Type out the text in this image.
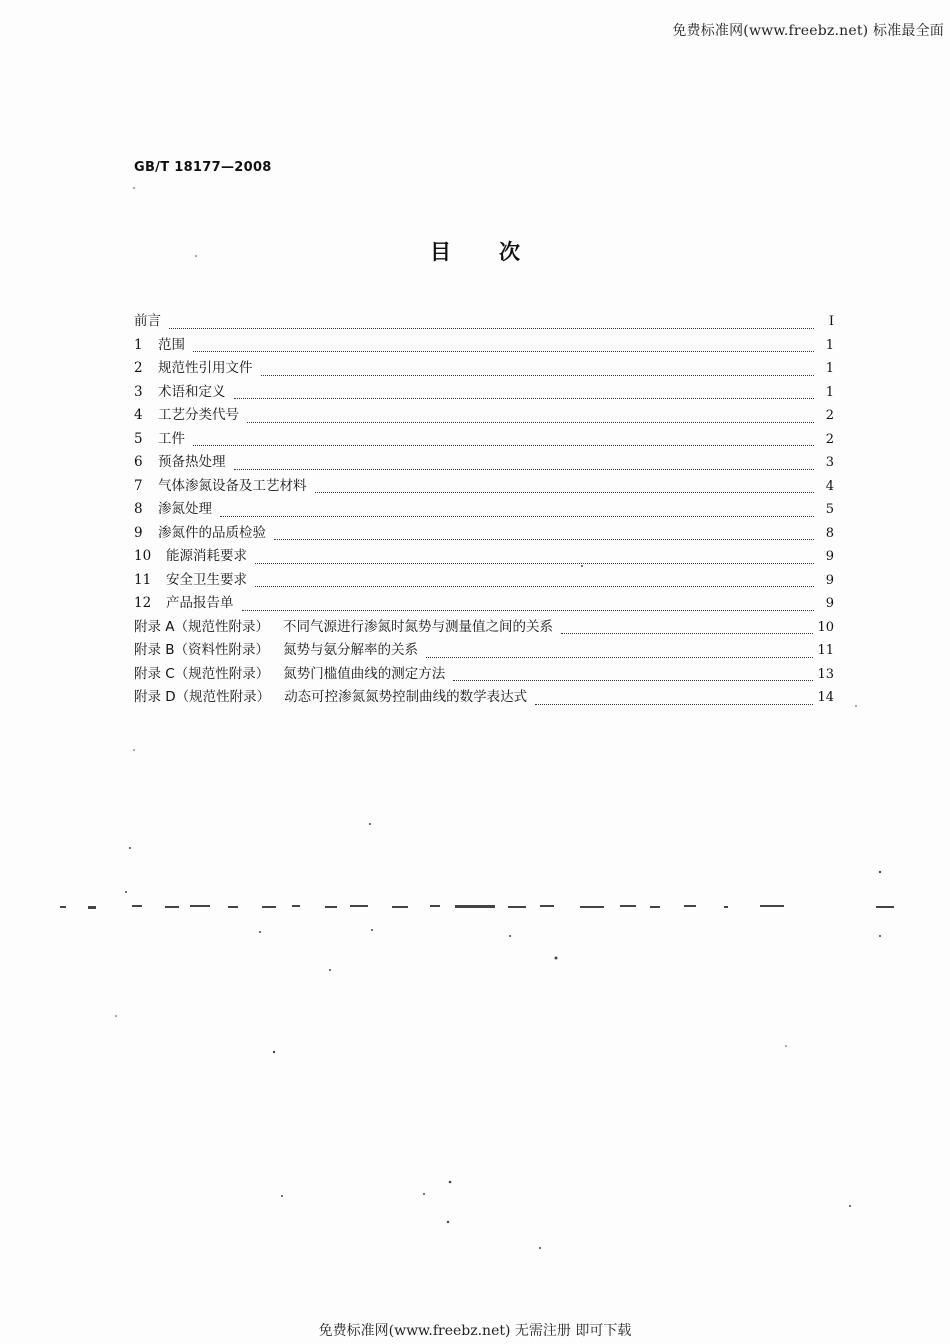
免费标准网(www.freebz.net) 标准最全面
GB/T 18177—2008
目次
前言	I
1	范围	1
2	规范性引用文件	1
3	术语和定义	1
4	工艺分类代号	2
5	工件	2
6	预备热处理	3
7	气体渗氮设备及工艺材料	4
8	渗氮处理	5
9	渗氮件的品质检验	8
10	能源消耗要求	9
11	安全卫生要求	9
12	产品报告单	9
附录 A（规范性附录）	不同气源进行渗氮时氮势与测量值之间的关系	10
附录 B（资料性附录）	氮势与氨分解率的关系	11
附录 C（规范性附录）	氮势门槛值曲线的测定方法	13
附录 D（规范性附录）	动态可控渗氮氮势控制曲线的数学表达式	14
免费标准网(www.freebz.net) 无需注册 即可下载
